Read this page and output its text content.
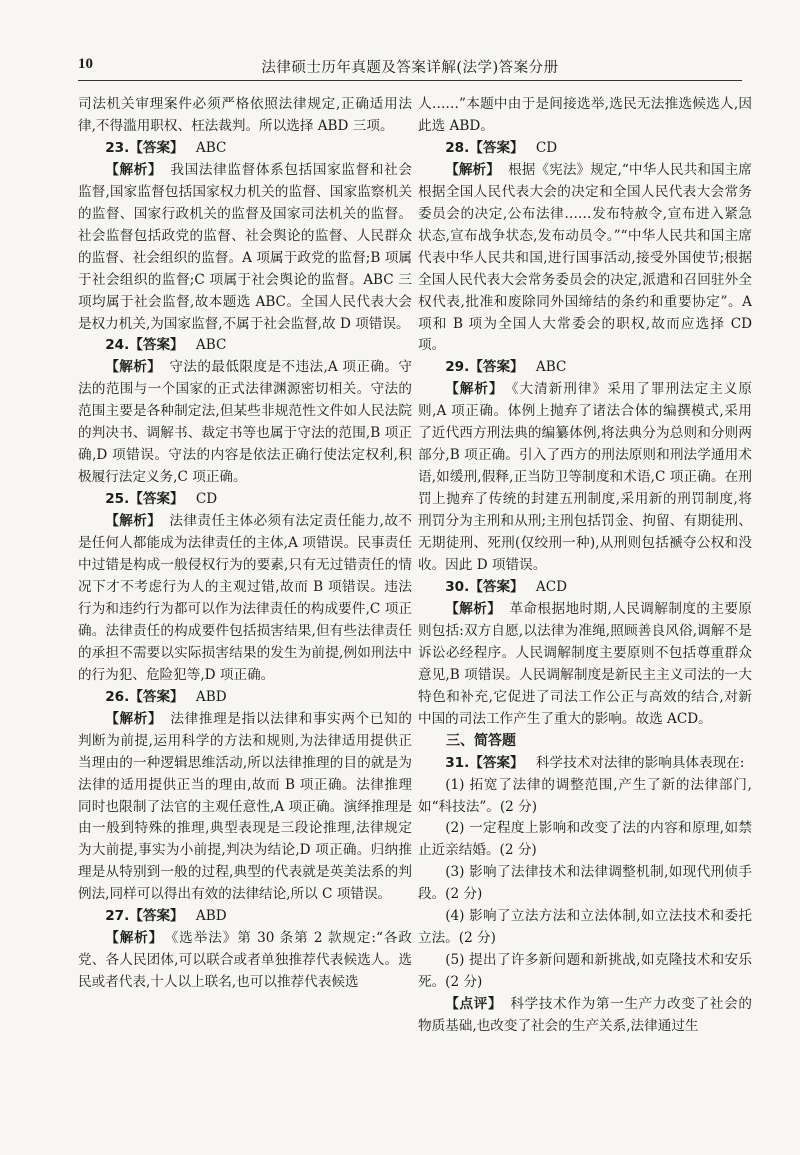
10	法律硕士历年真题及答案详解(法学)答案分册

司法机关审理案件必须严格依照法律规定,正确适用法律,不得滥用职权、枉法裁判。所以选择 ABD 三项。

23.【答案】 ABC

【解析】 我国法律监督体系包括国家监督和社会监督,国家监督包括国家权力机关的监督、国家监察机关的监督、国家行政机关的监督及国家司法机关的监督。社会监督包括政党的监督、社会舆论的监督、人民群众的监督、社会组织的监督。A 项属于政党的监督;B 项属于社会组织的监督;C 项属于社会舆论的监督。ABC 三项均属于社会监督,故本题选 ABC。全国人民代表大会是权力机关,为国家监督,不属于社会监督,故 D 项错误。

24.【答案】 ABC

【解析】 守法的最低限度是不违法,A 项正确。守法的范围与一个国家的正式法律渊源密切相关。守法的范围主要是各种制定法,但某些非规范性文件如人民法院的判决书、调解书、裁定书等也属于守法的范围,B 项正确,D 项错误。守法的内容是依法正确行使法定权利,积极履行法定义务,C 项正确。

25.【答案】 CD

【解析】 法律责任主体必须有法定责任能力,故不是任何人都能成为法律责任的主体,A 项错误。民事责任中过错是构成一般侵权行为的要素,只有无过错责任的情况下才不考虑行为人的主观过错,故而 B 项错误。违法行为和违约行为都可以作为法律责任的构成要件,C 项正确。法律责任的构成要件包括损害结果,但有些法律责任的承担不需要以实际损害结果的发生为前提,例如刑法中的行为犯、危险犯等,D 项正确。

26.【答案】 ABD

【解析】 法律推理是指以法律和事实两个已知的判断为前提,运用科学的方法和规则,为法律适用提供正当理由的一种逻辑思维活动,所以法律推理的目的就是为法律的适用提供正当的理由,故而 B 项正确。法律推理同时也限制了法官的主观任意性,A 项正确。演绎推理是由一般到特殊的推理,典型表现是三段论推理,法律规定为大前提,事实为小前提,判决为结论,D 项正确。归纳推理是从特别到一般的过程,典型的代表就是英美法系的判例法,同样可以得出有效的法律结论,所以 C 项错误。

27.【答案】 ABD

【解析】 《选举法》第 30 条第 2 款规定:“各政党、各人民团体,可以联合或者单独推荐代表候选人。选民或者代表,十人以上联名,也可以推荐代表候选

人……”本题中由于是间接选举,选民无法推选候选人,因此选 ABD。

28.【答案】 CD

【解析】 根据《宪法》规定,“中华人民共和国主席根据全国人民代表大会的决定和全国人民代表大会常务委员会的决定,公布法律……发布特赦令,宣布进入紧急状态,宣布战争状态,发布动员令。”“中华人民共和国主席代表中华人民共和国,进行国事活动,接受外国使节;根据全国人民代表大会常务委员会的决定,派遣和召回驻外全权代表,批准和废除同外国缔结的条约和重要协定”。A 项和 B 项为全国人大常委会的职权,故而应选择 CD 项。

29.【答案】 ABC

【解析】 《大清新刑律》采用了罪刑法定主义原则,A 项正确。体例上抛弃了诸法合体的编撰模式,采用了近代西方刑法典的编纂体例,将法典分为总则和分则两部分,B 项正确。引入了西方的刑法原则和刑法学通用术语,如缓刑,假释,正当防卫等制度和术语,C 项正确。在刑罚上抛弃了传统的封建五刑制度,采用新的刑罚制度,将刑罚分为主刑和从刑;主刑包括罚金、拘留、有期徒刑、无期徒刑、死刑(仅绞刑一种),从刑则包括褫夺公权和没收。因此 D 项错误。

30.【答案】 ACD

【解析】 革命根据地时期,人民调解制度的主要原则包括:双方自愿,以法律为准绳,照顾善良风俗,调解不是诉讼必经程序。人民调解制度主要原则不包括尊重群众意见,B 项错误。人民调解制度是新民主主义司法的一大特色和补充,它促进了司法工作公正与高效的结合,对新中国的司法工作产生了重大的影响。故选 ACD。

三、简答题

31.【答案】 科学技术对法律的影响具体表现在:

(1) 拓宽了法律的调整范围,产生了新的法律部门,如“科技法”。(2 分)

(2) 一定程度上影响和改变了法的内容和原理,如禁止近亲结婚。(2 分)

(3) 影响了法律技术和法律调整机制,如现代刑侦手段。(2 分)

(4) 影响了立法方法和立法体制,如立法技术和委托立法。(2 分)

(5) 提出了许多新问题和新挑战,如克隆技术和安乐死。(2 分)

【点评】 科学技术作为第一生产力改变了社会的物质基础,也改变了社会的生产关系,法律通过生
